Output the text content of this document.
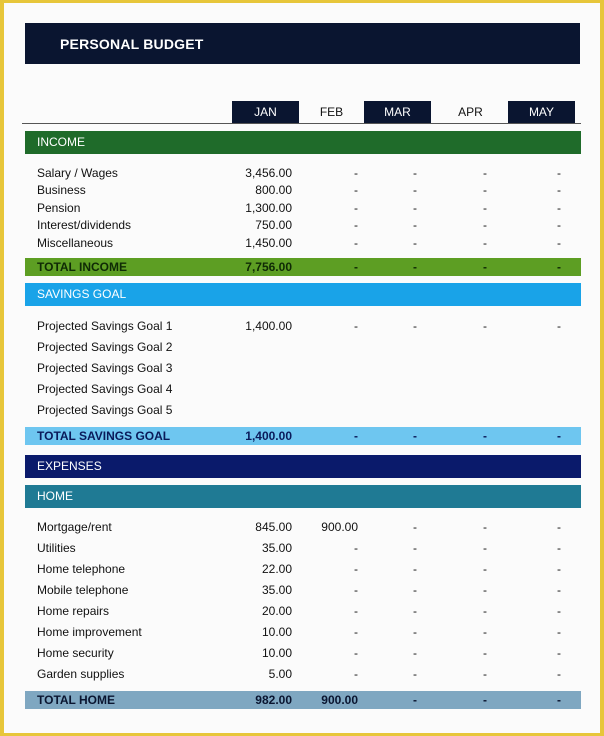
PERSONAL BUDGET
JAN	FEB	MAR	APR	MAY
INCOME
Salary / Wages	3,456.00	-	-	-	-
Business	800.00	-	-	-	-
Pension	1,300.00	-	-	-	-
Interest/dividends	750.00	-	-	-	-
Miscellaneous	1,450.00	-	-	-	-
TOTAL INCOME	7,756.00	-	-	-	-
SAVINGS GOAL
Projected Savings Goal 1	1,400.00	-	-	-	-
Projected Savings Goal 2
Projected Savings Goal 3
Projected Savings Goal 4
Projected Savings Goal 5
TOTAL SAVINGS GOAL	1,400.00	-	-	-	-
EXPENSES
HOME
Mortgage/rent	845.00	900.00	-	-	-
Utilities	35.00	-	-	-	-
Home telephone	22.00	-	-	-	-
Mobile telephone	35.00	-	-	-	-
Home repairs	20.00	-	-	-	-
Home improvement	10.00	-	-	-	-
Home security	10.00	-	-	-	-
Garden supplies	5.00	-	-	-	-
TOTAL HOME	982.00	900.00	-	-	-
